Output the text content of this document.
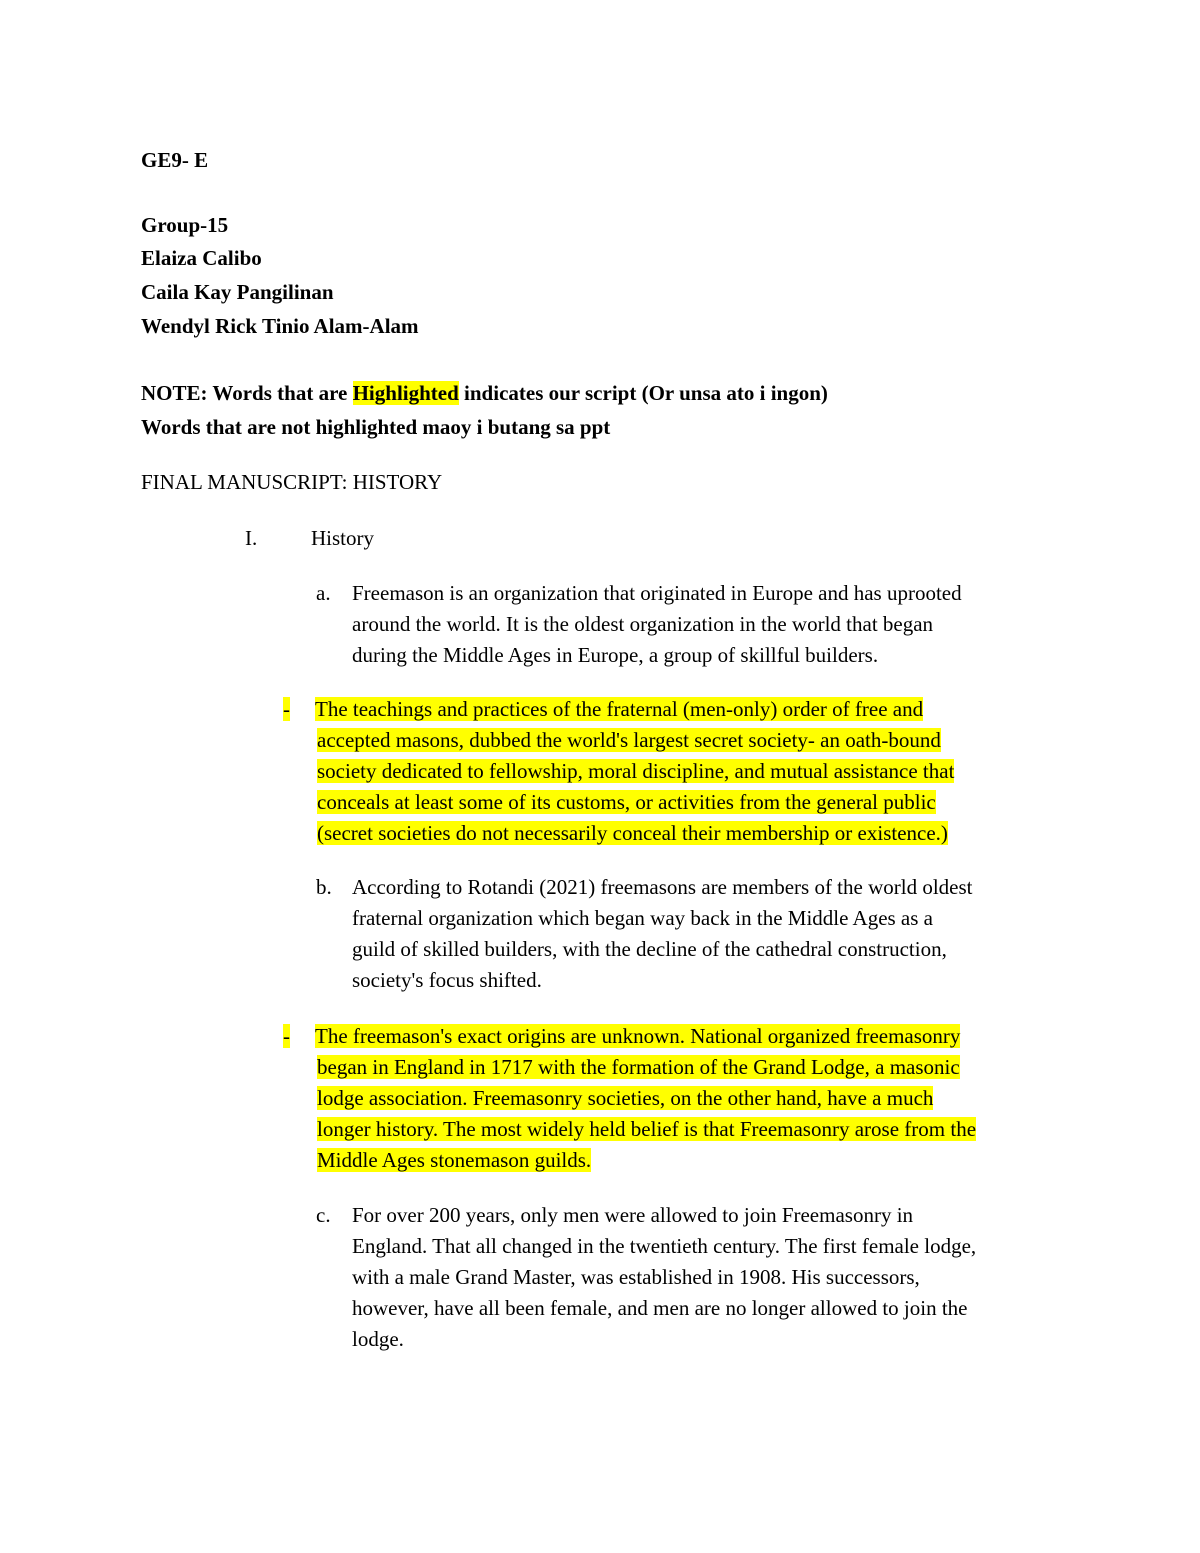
GE9- E
Group-15
Elaiza Calibo
Caila Kay Pangilinan
Wendyl Rick Tinio Alam-Alam
NOTE: Words that are Highlighted indicates our script (Or unsa ato i ingon)
Words that are not highlighted maoy i butang sa ppt
FINAL MANUSCRIPT: HISTORY
I.	History
a. Freemason is an organization that originated in Europe and has uprooted
around the world. It is the oldest organization in the world that began
during the Middle Ages in Europe, a group of skillful builders.
- The teachings and practices of the fraternal (men-only) order of free and
accepted masons, dubbed the world's largest secret society- an oath-bound
society dedicated to fellowship, moral discipline, and mutual assistance that
conceals at least some of its customs, or activities from the general public
(secret societies do not necessarily conceal their membership or existence.)
b. According to Rotandi (2021) freemasons are members of the world oldest
fraternal organization which began way back in the Middle Ages as a
guild of skilled builders, with the decline of the cathedral construction,
society's focus shifted.
- The freemason's exact origins are unknown. National organized freemasonry
began in England in 1717 with the formation of the Grand Lodge, a masonic
lodge association. Freemasonry societies, on the other hand, have a much
longer history. The most widely held belief is that Freemasonry arose from the
Middle Ages stonemason guilds.
c. For over 200 years, only men were allowed to join Freemasonry in
England. That all changed in the twentieth century. The first female lodge,
with a male Grand Master, was established in 1908. His successors,
however, have all been female, and men are no longer allowed to join the
lodge.
